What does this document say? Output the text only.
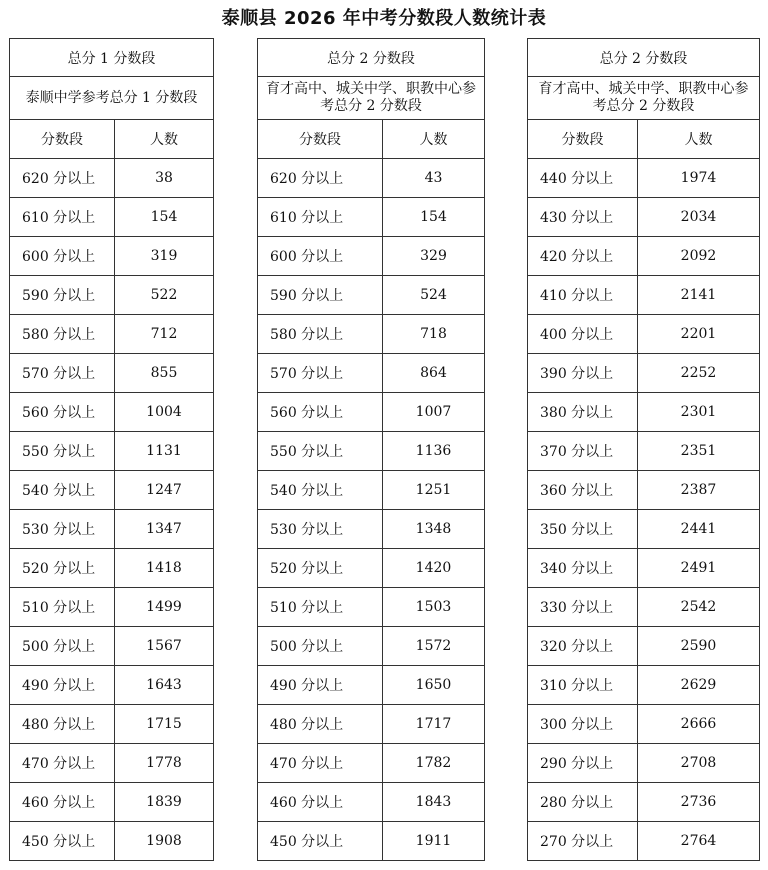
泰顺县 2026 年中考分数段人数统计表
总分 1 分数段	
泰顺中学参考总分 1 分数段	
分数段	人数
620 分以上	38
610 分以上	154
600 分以上	319
590 分以上	522
580 分以上	712
570 分以上	855
560 分以上	1004
550 分以上	1131
540 分以上	1247
530 分以上	1347
520 分以上	1418
510 分以上	1499
500 分以上	1567
490 分以上	1643
480 分以上	1715
470 分以上	1778
460 分以上	1839
450 分以上	1908
总分 2 分数段	
育才高中、城关中学、职教中心参考总分 2 分数段	
分数段	人数
620 分以上	43
610 分以上	154
600 分以上	329
590 分以上	524
580 分以上	718
570 分以上	864
560 分以上	1007
550 分以上	1136
540 分以上	1251
530 分以上	1348
520 分以上	1420
510 分以上	1503
500 分以上	1572
490 分以上	1650
480 分以上	1717
470 分以上	1782
460 分以上	1843
450 分以上	1911
总分 2 分数段	
育才高中、城关中学、职教中心参考总分 2 分数段	
分数段	人数
440 分以上	1974
430 分以上	2034
420 分以上	2092
410 分以上	2141
400 分以上	2201
390 分以上	2252
380 分以上	2301
370 分以上	2351
360 分以上	2387
350 分以上	2441
340 分以上	2491
330 分以上	2542
320 分以上	2590
310 分以上	2629
300 分以上	2666
290 分以上	2708
280 分以上	2736
270 分以上	2764
